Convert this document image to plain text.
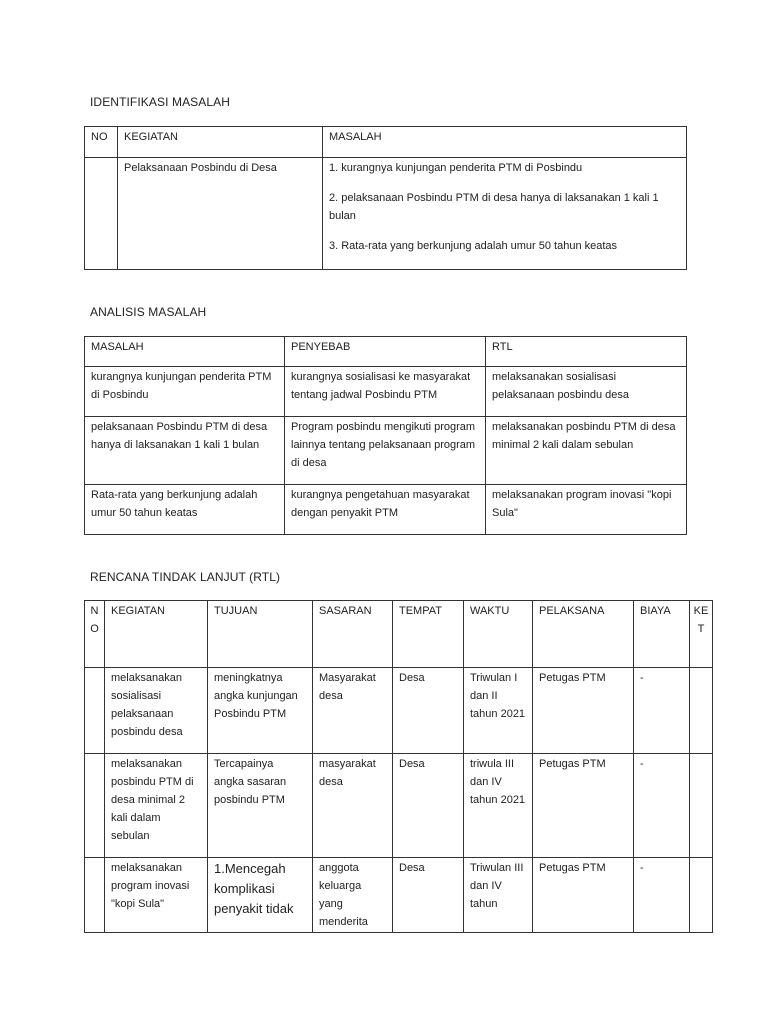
IDENTIFIKASI MASALAH
NO	KEGIATAN	MASALAH
	Pelaksanaan Posbindu di Desa	1. kurangnya kunjungan penderita PTM di Posbindu
2. pelaksanaan Posbindu PTM di desa hanya di laksanakan 1 kali 1 bulan
3. Rata-rata yang berkunjung adalah umur 50 tahun keatas
ANALISIS MASALAH
MASALAH	PENYEBAB	RTL
kurangnya kunjungan penderita PTM di Posbindu	kurangnya sosialisasi ke masyarakat tentang jadwal Posbindu PTM	melaksanakan sosialisasi pelaksanaan posbindu desa
pelaksanaan Posbindu PTM di desa hanya di laksanakan 1 kali 1 bulan	Program posbindu mengikuti program lainnya tentang pelaksanaan program di desa	melaksanakan posbindu PTM di desa minimal 2 kali dalam sebulan
Rata-rata yang berkunjung adalah umur 50 tahun keatas	kurangnya pengetahuan masyarakat dengan penyakit PTM	melaksanakan program inovasi "kopi Sula"
RENCANA TINDAK LANJUT (RTL)
NO	KEGIATAN	TUJUAN	SASARAN	TEMPAT	WAKTU	PELAKSANA	BIAYA	KET
	melaksanakan sosialisasi pelaksanaan posbindu desa	meningkatnya angka kunjungan Posbindu PTM	Masyarakat desa	Desa	Triwulan I dan II tahun 2021	Petugas PTM	-	
	melaksanakan posbindu PTM di desa minimal 2 kali dalam sebulan	Tercapainya angka sasaran posbindu PTM	masyarakat desa	Desa	triwula III dan IV tahun 2021	Petugas PTM	-	
	melaksanakan program inovasi "kopi Sula"	1.Mencegah komplikasi penyakit tidak	anggota keluarga yang menderita	Desa	Triwulan III dan IV tahun	Petugas PTM	-	
